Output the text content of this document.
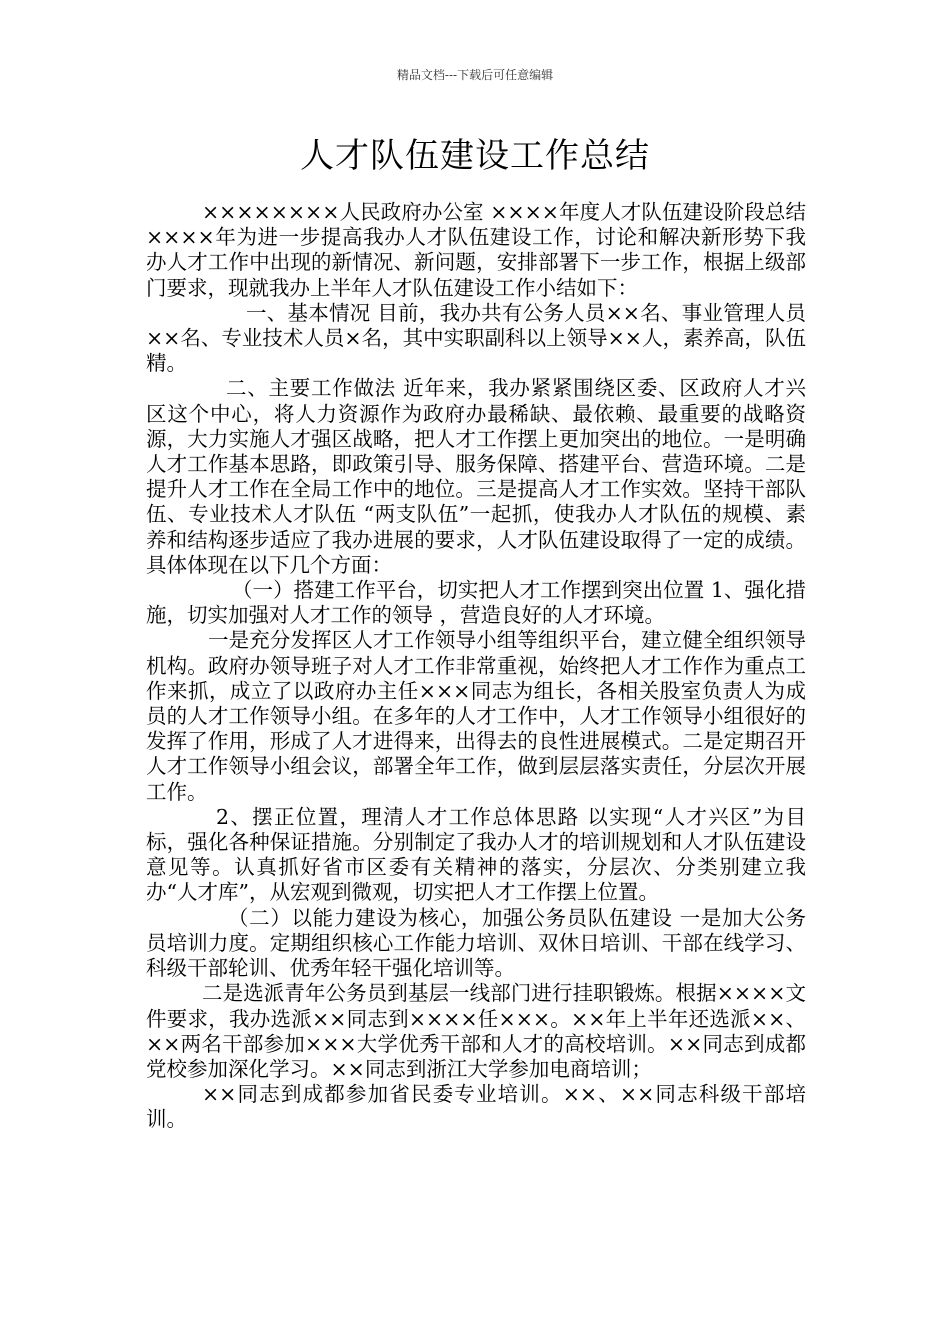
精品文档---下载后可任意编辑
人才队伍建设工作总结

××××××××人民政府办公室 ××××年度人才队伍建设阶段总结 ××××年为进一步提高我办人才队伍建设工作，讨论和解决新形势下我办人才工作中出现的新情况、新问题，安排部署下一步工作，根据上级部门要求，现就我办上半年人才队伍建设工作小结如下：

一、基本情况 目前，我办共有公务人员××名、事业管理人员××名、专业技术人员×名，其中实职副科以上领导××人，素养高，队伍精。

二、主要工作做法 近年来，我办紧紧围绕区委、区政府人才兴区这个中心，将人力资源作为政府办最稀缺、最依赖、最重要的战略资源，大力实施人才强区战略，把人才工作摆上更加突出的地位。一是明确人才工作基本思路，即政策引导、服务保障、搭建平台、营造环境。二是提升人才工作在全局工作中的地位。三是提高人才工作实效。坚持干部队伍、专业技术人才队伍 “两支队伍”一起抓，使我办人才队伍的规模、素养和结构逐步适应了我办进展的要求，人才队伍建设取得了一定的成绩。具体体现在以下几个方面：

（一）搭建工作平台，切实把人才工作摆到突出位置 1、强化措施，切实加强对人才工作的领导 ，营造良好的人才环境。

一是充分发挥区人才工作领导小组等组织平台，建立健全组织领导机构。政府办领导班子对人才工作非常重视，始终把人才工作作为重点工作来抓，成立了以政府办主任×××同志为组长，各相关股室负责人为成员的人才工作领导小组。在多年的人才工作中，人才工作领导小组很好的发挥了作用，形成了人才进得来，出得去的良性进展模式。二是定期召开人才工作领导小组会议，部署全年工作，做到层层落实责任，分层次开展工作。

2、摆正位置，理清人才工作总体思路 以实现“人才兴区”为目标，强化各种保证措施。分别制定了我办人才的培训规划和人才队伍建设意见等。认真抓好省市区委有关精神的落实，分层次、分类别建立我办“人才库”，从宏观到微观，切实把人才工作摆上位置。

（二）以能力建设为核心，加强公务员队伍建设 一是加大公务员培训力度。定期组织核心工作能力培训、双休日培训、干部在线学习、科级干部轮训、优秀年轻干强化培训等。

二是选派青年公务员到基层一线部门进行挂职锻炼。根据××××文件要求，我办选派××同志到××××任×××。××年上半年还选派××、××两名干部参加×××大学优秀干部和人才的高校培训。××同志到成都党校参加深化学习。××同志到浙江大学参加电商培训；

××同志到成都参加省民委专业培训。××、××同志科级干部培训。
